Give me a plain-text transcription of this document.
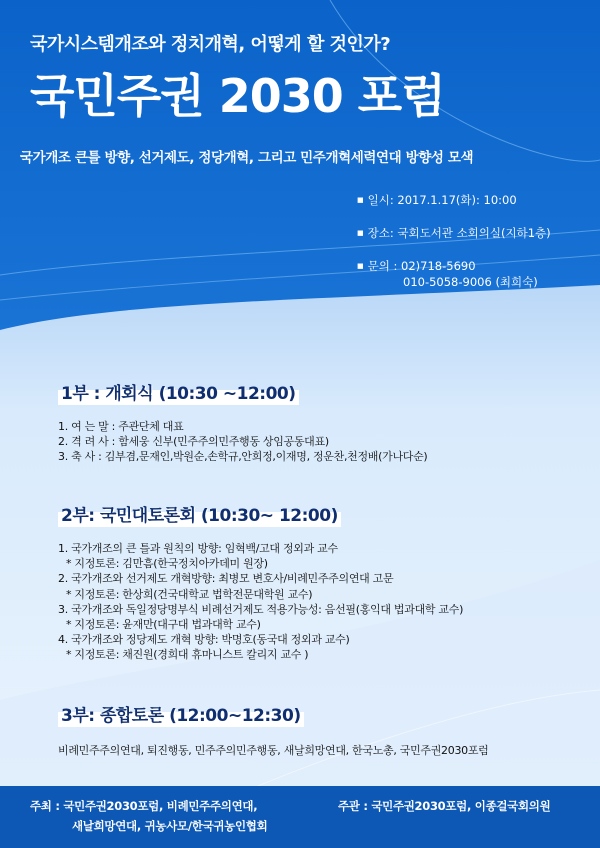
국가시스템개조와 정치개혁, 어떻게 할 것인가?
국민주권 2030 포럼
국가개조 큰틀 방향, 선거제도, 정당개혁, 그리고 민주개혁세력연대 방향성 모색
■ 일시: 2017.1.17(화): 10:00
■ 장소: 국회도서관 소회의실(지하1층)
■ 문의 : 02)718-5690
010-5058-9006 (최희숙)
1부 : 개회식 (10:30 ~12:00)
1. 여 는 말 : 주관단체 대표
2. 격 려 사 : 함세웅 신부(민주주의민주행동 상임공동대표)
3. 축 사 : 김부겸,문재인,박원순,손학규,안희정,이재명, 정운찬,천정배(가나다순)
2부: 국민대토론회 (10:30~ 12:00)
1. 국가개조의 큰 틀과 원칙의 방향: 임혁백/고대 정외과 교수
* 지정토론: 김만흠(한국정치아카데미 원장)
2. 국가개조와 선거제도 개혁방향: 최병모 변호사/비례민주주의연대 고문
* 지정토론: 한상희(건국대학교 법학전문대학원 교수)
3. 국가개조와 독일정당명부식 비례선거제도 적용가능성: 음선필(홍익대 법과대학 교수)
* 지정토론: 윤재만(대구대 법과대학 교수)
4. 국가개조와 정당제도 개혁 방향: 박명호(동국대 정외과 교수)
* 지정토론: 채진원(경희대 휴마니스트 칼리지 교수 )
3부: 종합토론 (12:00~12:30)
비례민주주의연대, 퇴진행동, 민주주의민주행동, 새날희망연대, 한국노총, 국민주권2030포럼
주최 : 국민주권2030포럼, 비례민주주의연대,
새날희망연대, 귀농사모/한국귀농인협회
주관 : 국민주권2030포럼, 이종걸국회의원
